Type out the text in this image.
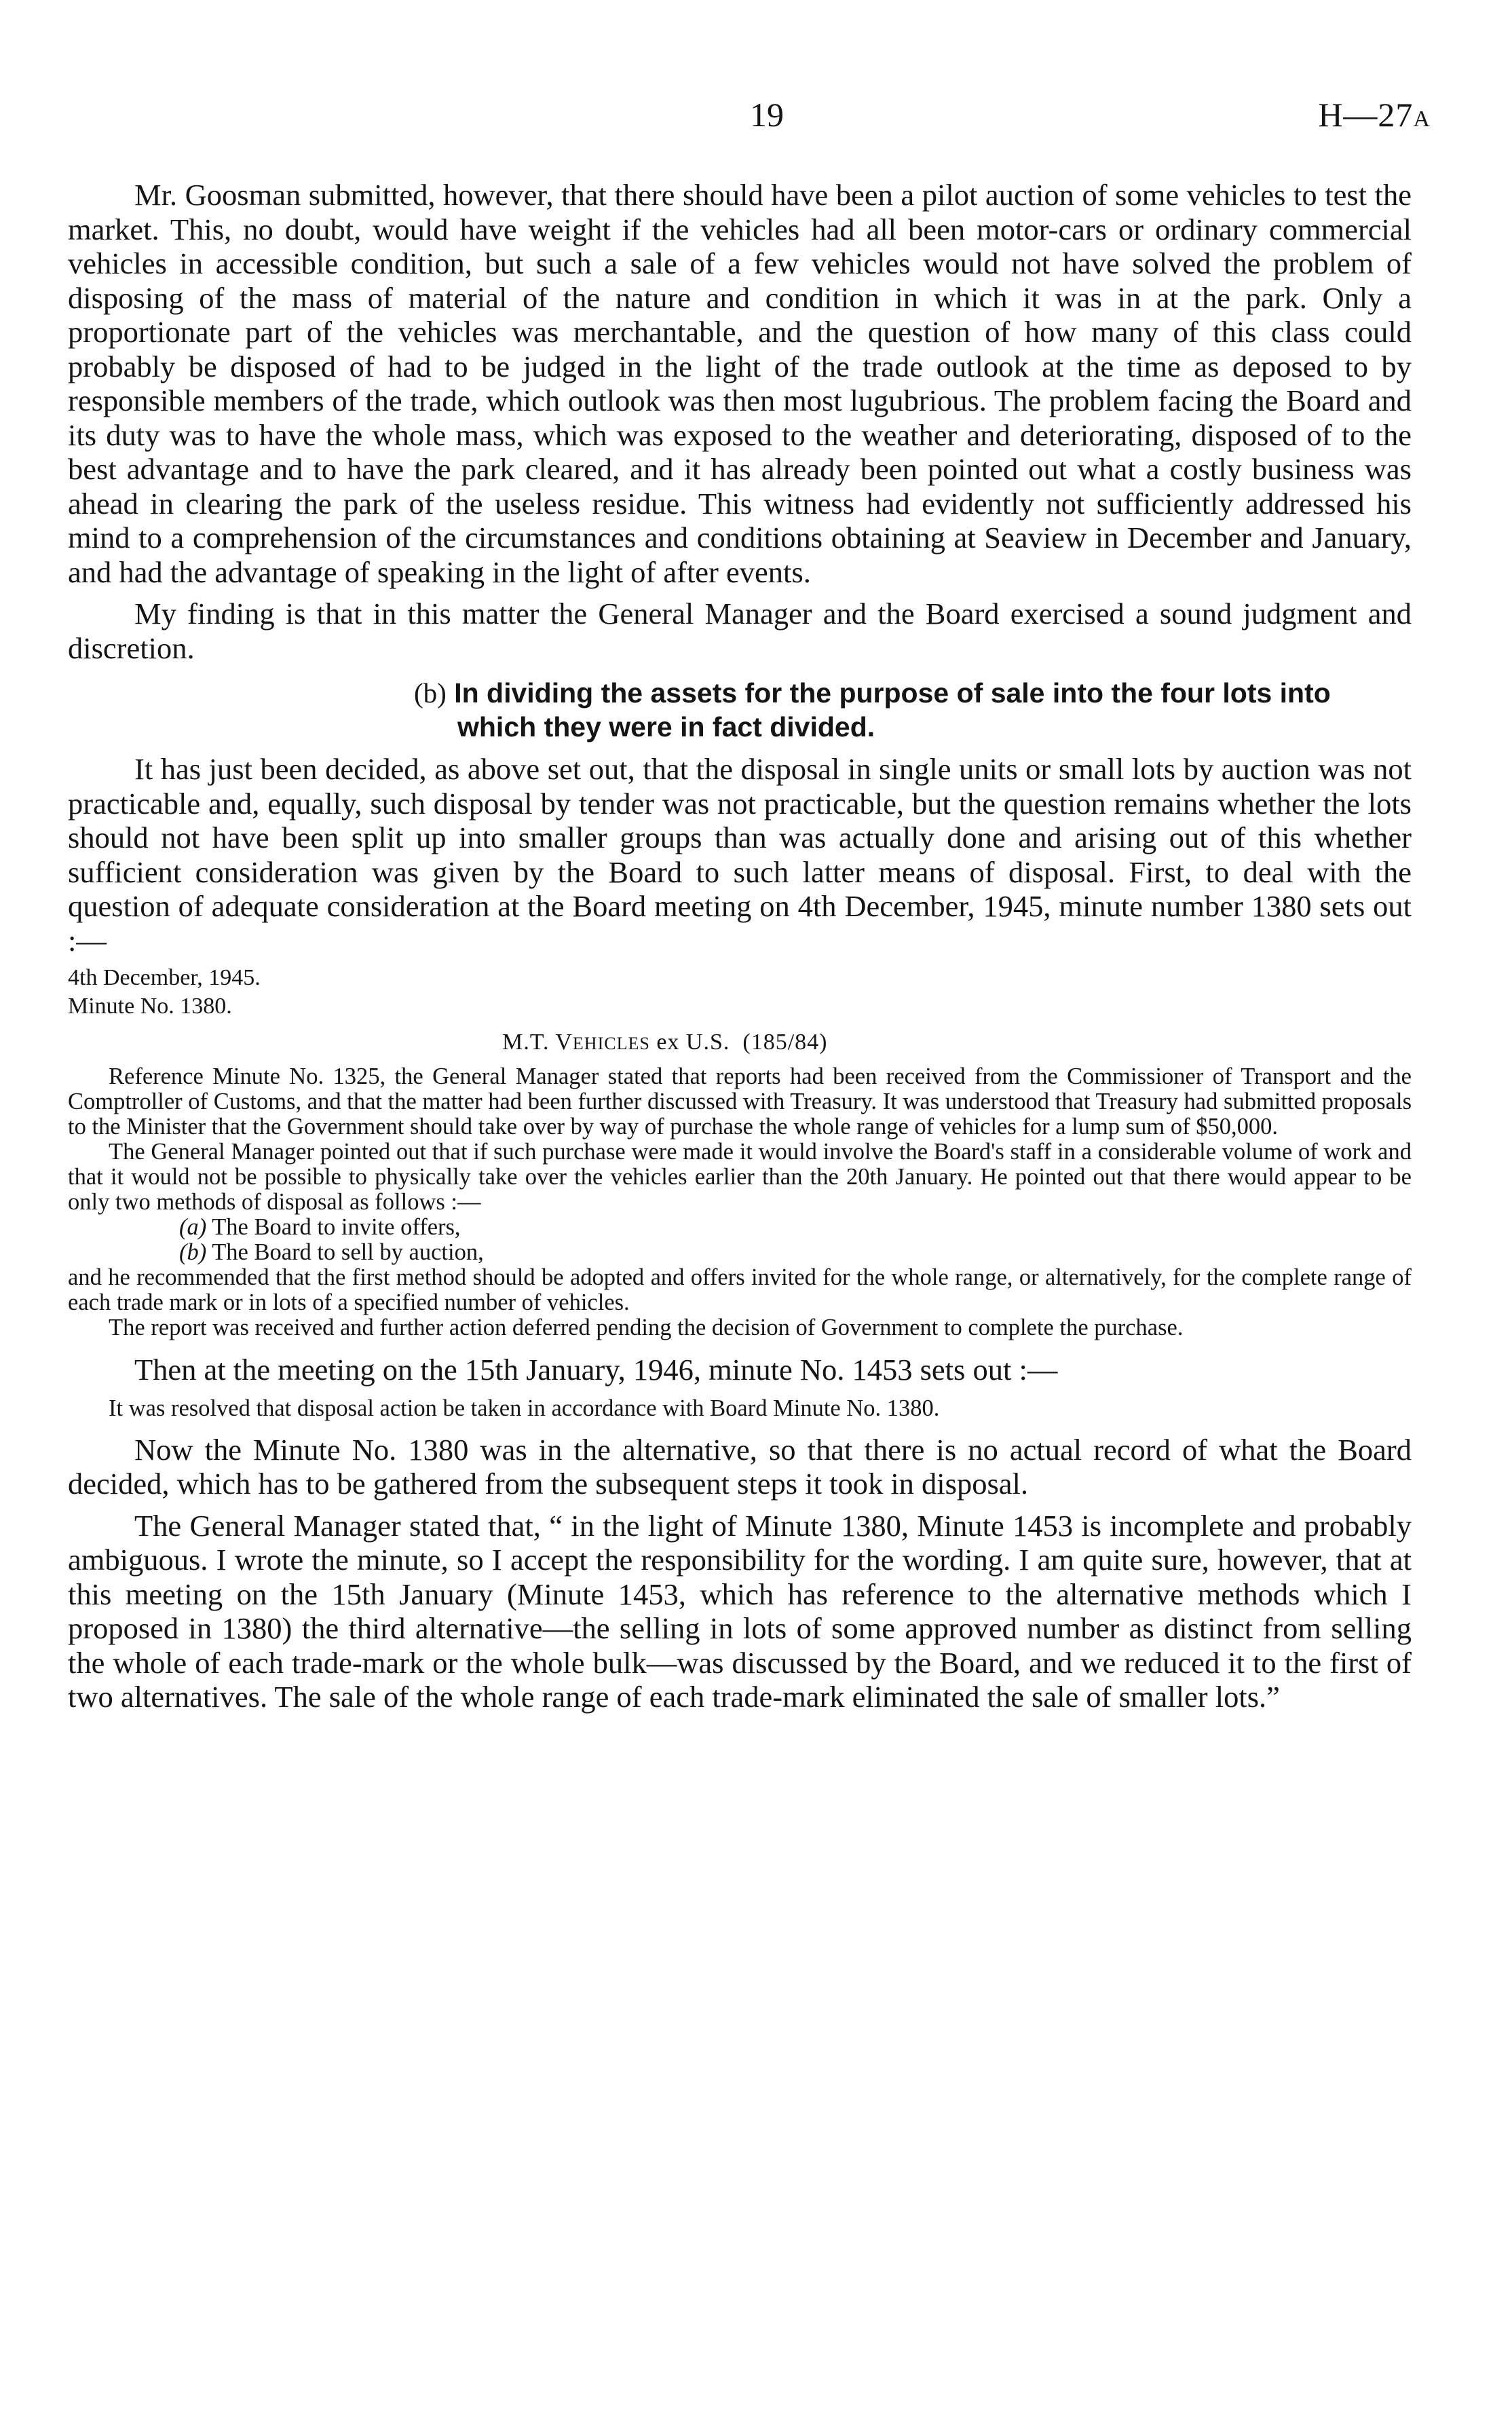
19	H—27A

Mr. Goosman submitted, however, that there should have been a pilot auction of some vehicles to test the market. This, no doubt, would have weight if the vehicles had all been motor-cars or ordinary commercial vehicles in accessible condition, but such a sale of a few vehicles would not have solved the problem of disposing of the mass of material of the nature and condition in which it was in at the park. Only a proportionate part of the vehicles was merchantable, and the question of how many of this class could probably be disposed of had to be judged in the light of the trade outlook at the time as deposed to by responsible members of the trade, which outlook was then most lugubrious. The problem facing the Board and its duty was to have the whole mass, which was exposed to the weather and deteriorating, disposed of to the best advantage and to have the park cleared, and it has already been pointed out what a costly business was ahead in clearing the park of the useless residue. This witness had evidently not sufficiently addressed his mind to a comprehension of the circumstances and conditions obtaining at Seaview in December and January, and had the advantage of speaking in the light of after events.

My finding is that in this matter the General Manager and the Board exercised a sound judgment and discretion.

(b) In dividing the assets for the purpose of sale into the four lots into which they were in fact divided.

It has just been decided, as above set out, that the disposal in single units or small lots by auction was not practicable and, equally, such disposal by tender was not practicable, but the question remains whether the lots should not have been split up into smaller groups than was actually done and arising out of this whether sufficient consideration was given by the Board to such latter means of disposal. First, to deal with the question of adequate consideration at the Board meeting on 4th December, 1945, minute number 1380 sets out :—

4th December, 1945.
Minute No. 1380.
M.T. VEHICLES ex U.S. (185/84)

Reference Minute No. 1325, the General Manager stated that reports had been received from the Commissioner of Transport and the Comptroller of Customs, and that the matter had been further discussed with Treasury. It was understood that Treasury had submitted proposals to the Minister that the Government should take over by way of purchase the whole range of vehicles for a lump sum of $50,000.

The General Manager pointed out that if such purchase were made it would involve the Board's staff in a considerable volume of work and that it would not be possible to physically take over the vehicles earlier than the 20th January. He pointed out that there would appear to be only two methods of disposal as follows :—

(a) The Board to invite offers,
(b) The Board to sell by auction,

and he recommended that the first method should be adopted and offers invited for the whole range, or alternatively, for the complete range of each trade mark or in lots of a specified number of vehicles.

The report was received and further action deferred pending the decision of Government to complete the purchase.

Then at the meeting on the 15th January, 1946, minute No. 1453 sets out :—

It was resolved that disposal action be taken in accordance with Board Minute No. 1380.

Now the Minute No. 1380 was in the alternative, so that there is no actual record of what the Board decided, which has to be gathered from the subsequent steps it took in disposal.

The General Manager stated that, “ in the light of Minute 1380, Minute 1453 is incomplete and probably ambiguous. I wrote the minute, so I accept the responsibility for the wording. I am quite sure, however, that at this meeting on the 15th January (Minute 1453, which has reference to the alternative methods which I proposed in 1380) the third alternative—the selling in lots of some approved number as distinct from selling the whole of each trade-mark or the whole bulk—was discussed by the Board, and we reduced it to the first of two alternatives. The sale of the whole range of each trade-mark eliminated the sale of smaller lots.”
